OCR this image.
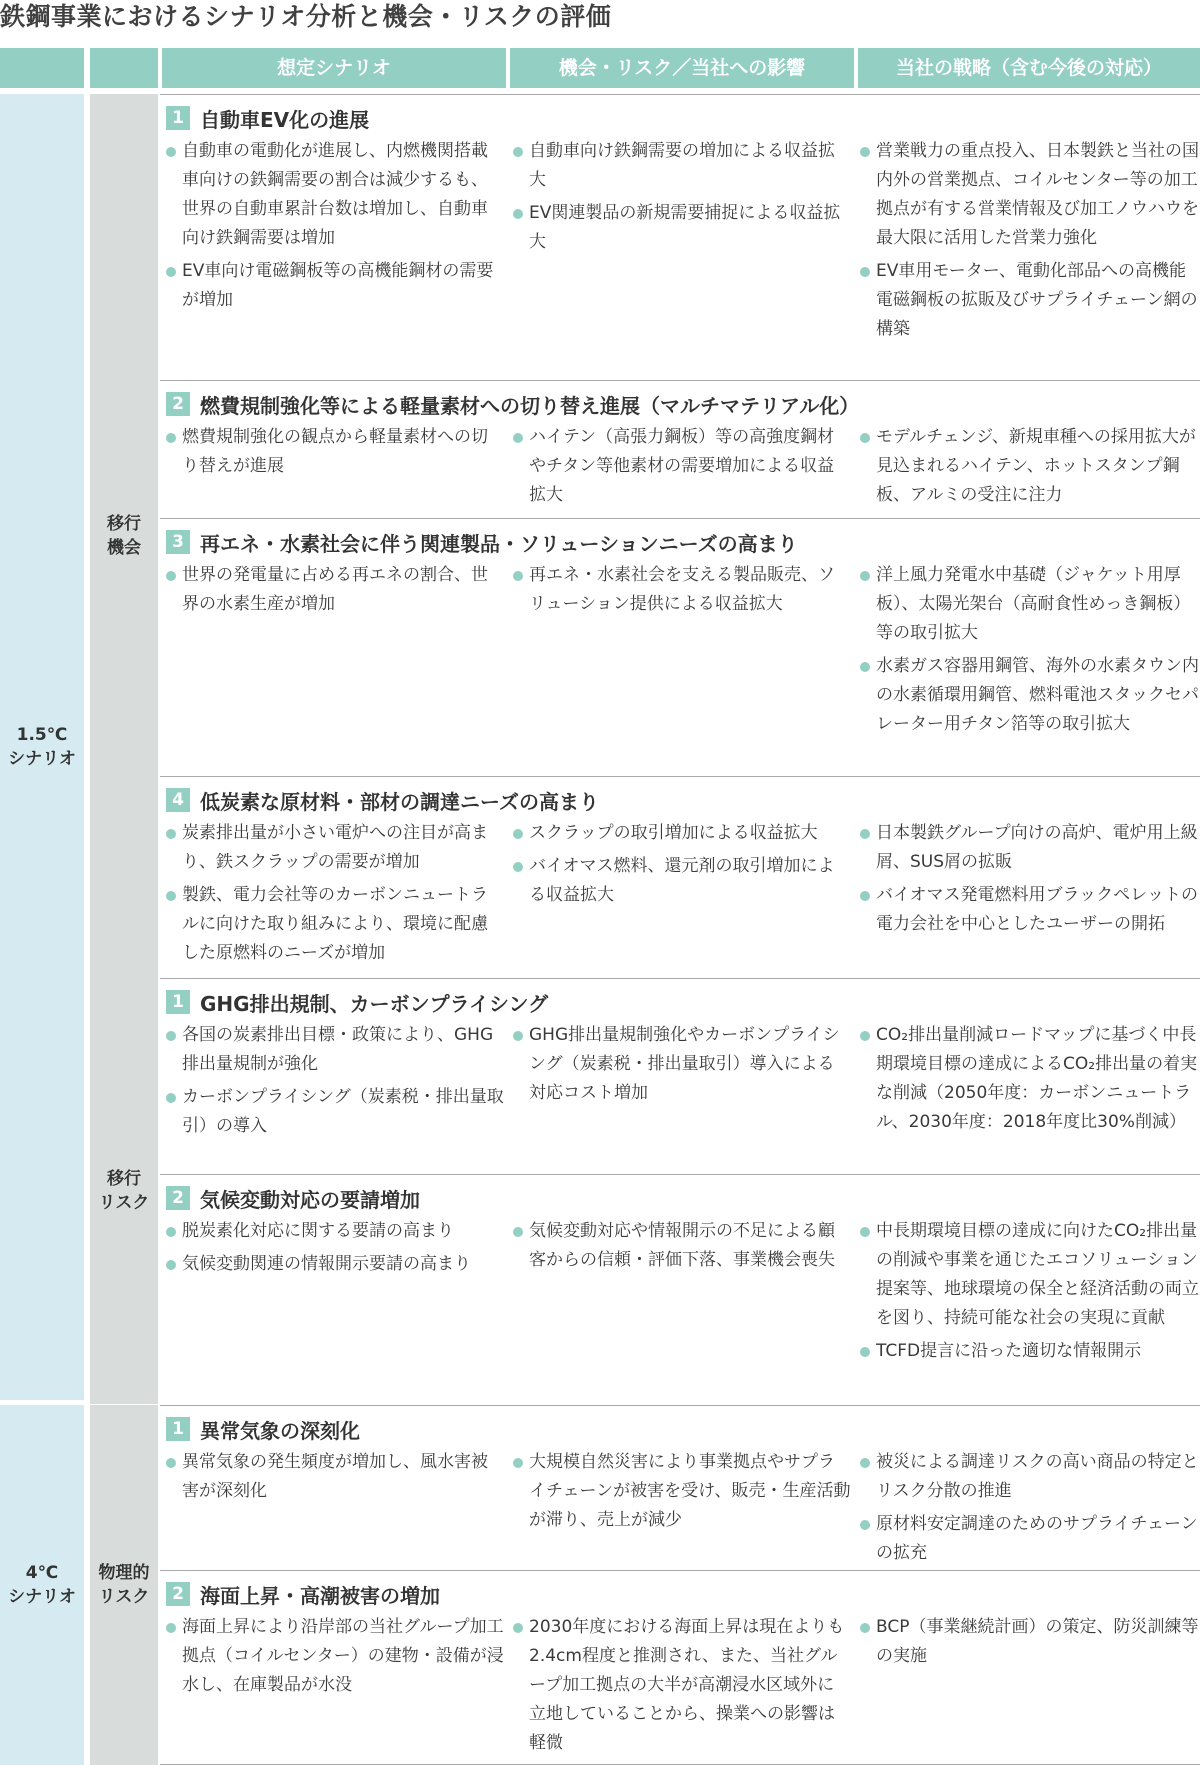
鉄鋼事業におけるシナリオ分析と機会・リスクの評価
想定シナリオ	機会・リスク／当社への影響	当社の戦略（含む今後の対応）
1.5℃
シナリオ
4℃
シナリオ
移行
機会
移行
リスク
物理的
リスク
1 自動車EV化の進展
自動車の電動化が進展し、内燃機関搭載車向けの鉄鋼需要の割合は減少するも、世界の自動車累計台数は増加し、自動車向け鉄鋼需要は増加
EV車向け電磁鋼板等の高機能鋼材の需要が増加
自動車向け鉄鋼需要の増加による収益拡大
EV関連製品の新規需要捕捉による収益拡大
営業戦力の重点投入、日本製鉄と当社の国内外の営業拠点、コイルセンター等の加工拠点が有する営業情報及び加工ノウハウを最大限に活用した営業力強化
EV車用モーター、電動化部品への高機能電磁鋼板の拡販及びサプライチェーン網の構築
2 燃費規制強化等による軽量素材への切り替え進展（マルチマテリアル化）
燃費規制強化の観点から軽量素材への切り替えが進展
ハイテン（高張力鋼板）等の高強度鋼材やチタン等他素材の需要増加による収益拡大
モデルチェンジ、新規車種への採用拡大が見込まれるハイテン、ホットスタンプ鋼板、アルミの受注に注力
3 再エネ・水素社会に伴う関連製品・ソリューションニーズの高まり
世界の発電量に占める再エネの割合、世界の水素生産が増加
再エネ・水素社会を支える製品販売、ソリューション提供による収益拡大
洋上風力発電水中基礎（ジャケット用厚板）、太陽光架台（高耐食性めっき鋼板）等の取引拡大
水素ガス容器用鋼管、海外の水素タウン内の水素循環用鋼管、燃料電池スタックセパレーター用チタン箔等の取引拡大
4 低炭素な原材料・部材の調達ニーズの高まり
炭素排出量が小さい電炉への注目が高まり、鉄スクラップの需要が増加
製鉄、電力会社等のカーボンニュートラルに向けた取り組みにより、環境に配慮した原燃料のニーズが増加
スクラップの取引増加による収益拡大
バイオマス燃料、還元剤の取引増加による収益拡大
日本製鉄グループ向けの高炉、電炉用上級屑、SUS屑の拡販
バイオマス発電燃料用ブラックペレットの電力会社を中心としたユーザーの開拓
1 GHG排出規制、カーボンプライシング
各国の炭素排出目標・政策により、GHG排出量規制が強化
カーボンプライシング（炭素税・排出量取引）の導入
GHG排出量規制強化やカーボンプライシング（炭素税・排出量取引）導入による対応コスト増加
CO₂排出量削減ロードマップに基づく中長期環境目標の達成によるCO₂排出量の着実な削減（2050年度：カーボンニュートラル、2030年度：2018年度比30%削減）
2 気候変動対応の要請増加
脱炭素化対応に関する要請の高まり
気候変動関連の情報開示要請の高まり
気候変動対応や情報開示の不足による顧客からの信頼・評価下落、事業機会喪失
中長期環境目標の達成に向けたCO₂排出量の削減や事業を通じたエコソリューション提案等、地球環境の保全と経済活動の両立を図り、持続可能な社会の実現に貢献
TCFD提言に沿った適切な情報開示
1 異常気象の深刻化
異常気象の発生頻度が増加し、風水害被害が深刻化
大規模自然災害により事業拠点やサプライチェーンが被害を受け、販売・生産活動が滞り、売上が減少
被災による調達リスクの高い商品の特定とリスク分散の推進
原材料安定調達のためのサプライチェーンの拡充
2 海面上昇・高潮被害の増加
海面上昇により沿岸部の当社グループ加工拠点（コイルセンター）の建物・設備が浸水し、在庫製品が水没
2030年度における海面上昇は現在よりも2.4cm程度と推測され、また、当社グループ加工拠点の大半が高潮浸水区域外に立地していることから、操業への影響は軽微
BCP（事業継続計画）の策定、防災訓練等の実施
